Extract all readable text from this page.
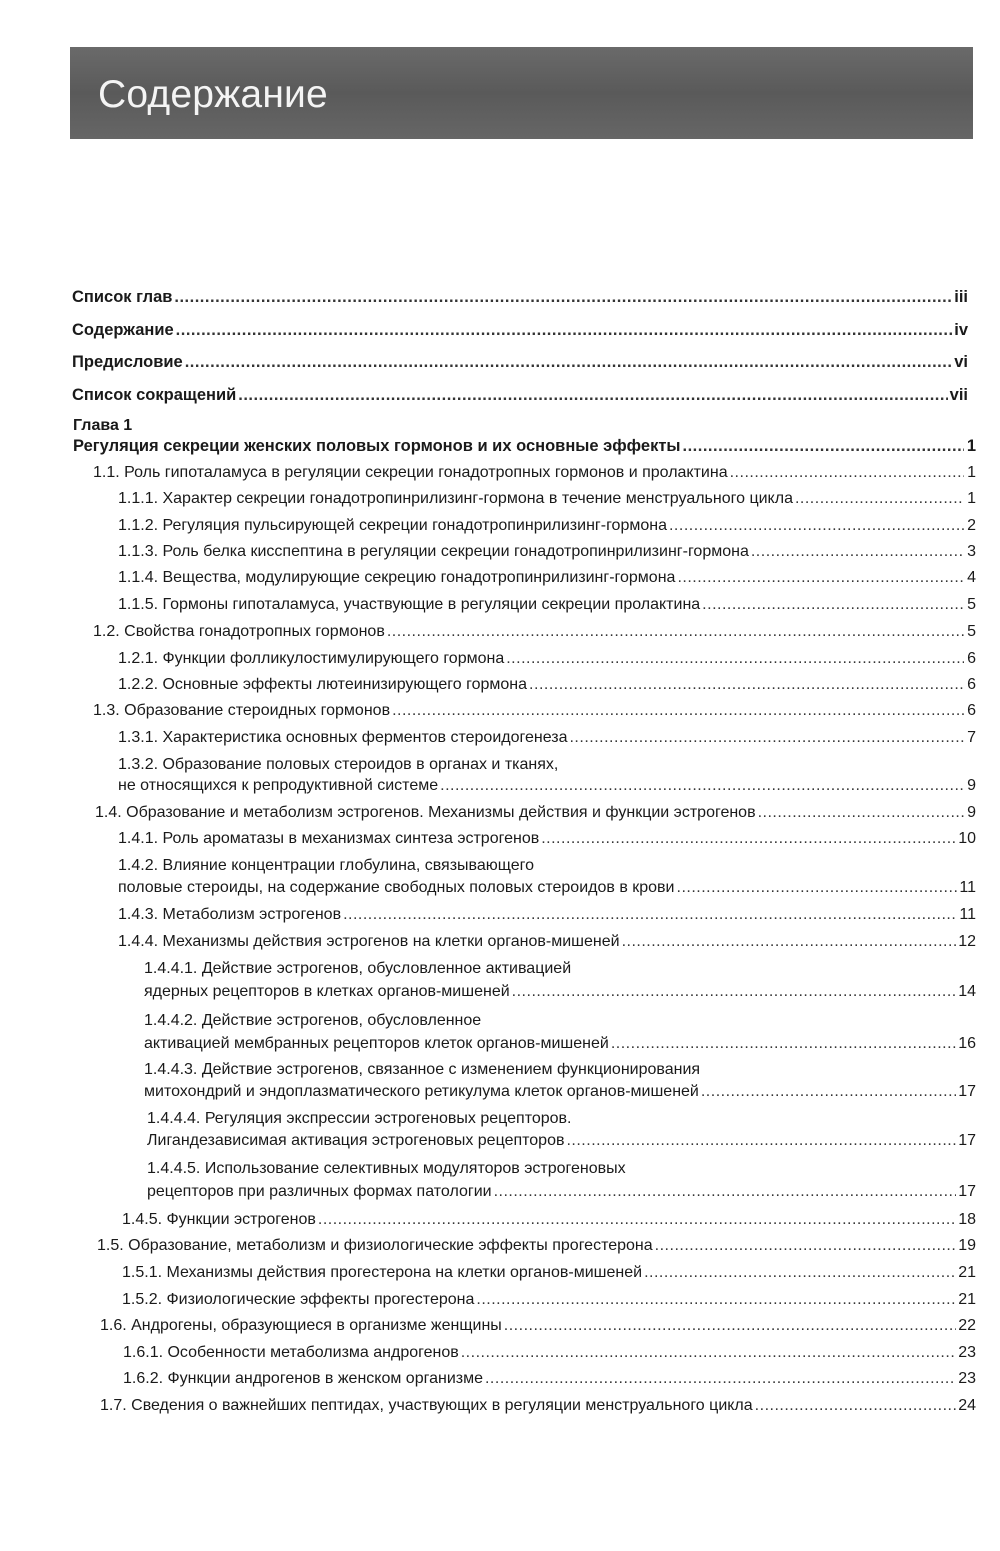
Содержание
Список глав .....	iii
Содержание .....	iv
Предисловие .....	vi
Список сокращений .....	vii
Глава 1
Регуляция секреции женских половых гормонов и их основные эффекты .....	1
1.1. Роль гипоталамуса в регуляции секреции гонадотропных гормонов и пролактина .....	1
1.1.1. Характер секреции гонадотропинрилизинг-гормона в течение менструального цикла .....	1
1.1.2. Регуляция пульсирующей секреции гонадотропинрилизинг-гормона .....	2
1.1.3. Роль белка кисспептина в регуляции секреции гонадотропинрилизинг-гормона .....	3
1.1.4. Вещества, модулирующие секрецию гонадотропинрилизинг-гормона .....	4
1.1.5. Гормоны гипоталамуса, участвующие в регуляции секреции пролактина .....	5
1.2. Свойства гонадотропных гормонов .....	5
1.2.1. Функции фолликулостимулирующего гормона .....	6
1.2.2. Основные эффекты лютеинизирующего гормона .....	6
1.3. Образование стероидных гормонов .....	6
1.3.1. Характеристика основных ферментов стероидогенеза .....	7
1.3.2. Образование половых стероидов в органах и тканях,
не относящихся к репродуктивной системе .....	9
1.4. Образование и метаболизм эстрогенов. Механизмы действия и функции эстрогенов .....	9
1.4.1. Роль ароматазы в механизмах синтеза эстрогенов .....	10
1.4.2. Влияние концентрации глобулина, связывающего
половые стероиды, на содержание свободных половых стероидов в крови .....	11
1.4.3. Метаболизм эстрогенов .....	11
1.4.4. Механизмы действия эстрогенов на клетки органов-мишеней .....	12
1.4.4.1. Действие эстрогенов, обусловленное активацией
ядерных рецепторов в клетках органов-мишеней .....	14
1.4.4.2. Действие эстрогенов, обусловленное
активацией мембранных рецепторов клеток органов-мишеней .....	16
1.4.4.3. Действие эстрогенов, связанное с изменением функционирования
митохондрий и эндоплазматического ретикулума клеток органов-мишеней .....	17
1.4.4.4. Регуляция экспрессии эстрогеновых рецепторов.
Лигандезависимая активация эстрогеновых рецепторов .....	17
1.4.4.5. Использование селективных модуляторов эстрогеновых
рецепторов при различных формах патологии .....	17
1.4.5. Функции эстрогенов .....	18
1.5. Образование, метаболизм и физиологические эффекты прогестерона .....	19
1.5.1. Механизмы действия прогестерона на клетки органов-мишеней .....	21
1.5.2. Физиологические эффекты прогестерона .....	21
1.6. Андрогены, образующиеся в организме женщины .....	22
1.6.1. Особенности метаболизма андрогенов .....	23
1.6.2. Функции андрогенов в женском организме .....	23
1.7. Сведения о важнейших пептидах, участвующих в регуляции менструального цикла .....	24
